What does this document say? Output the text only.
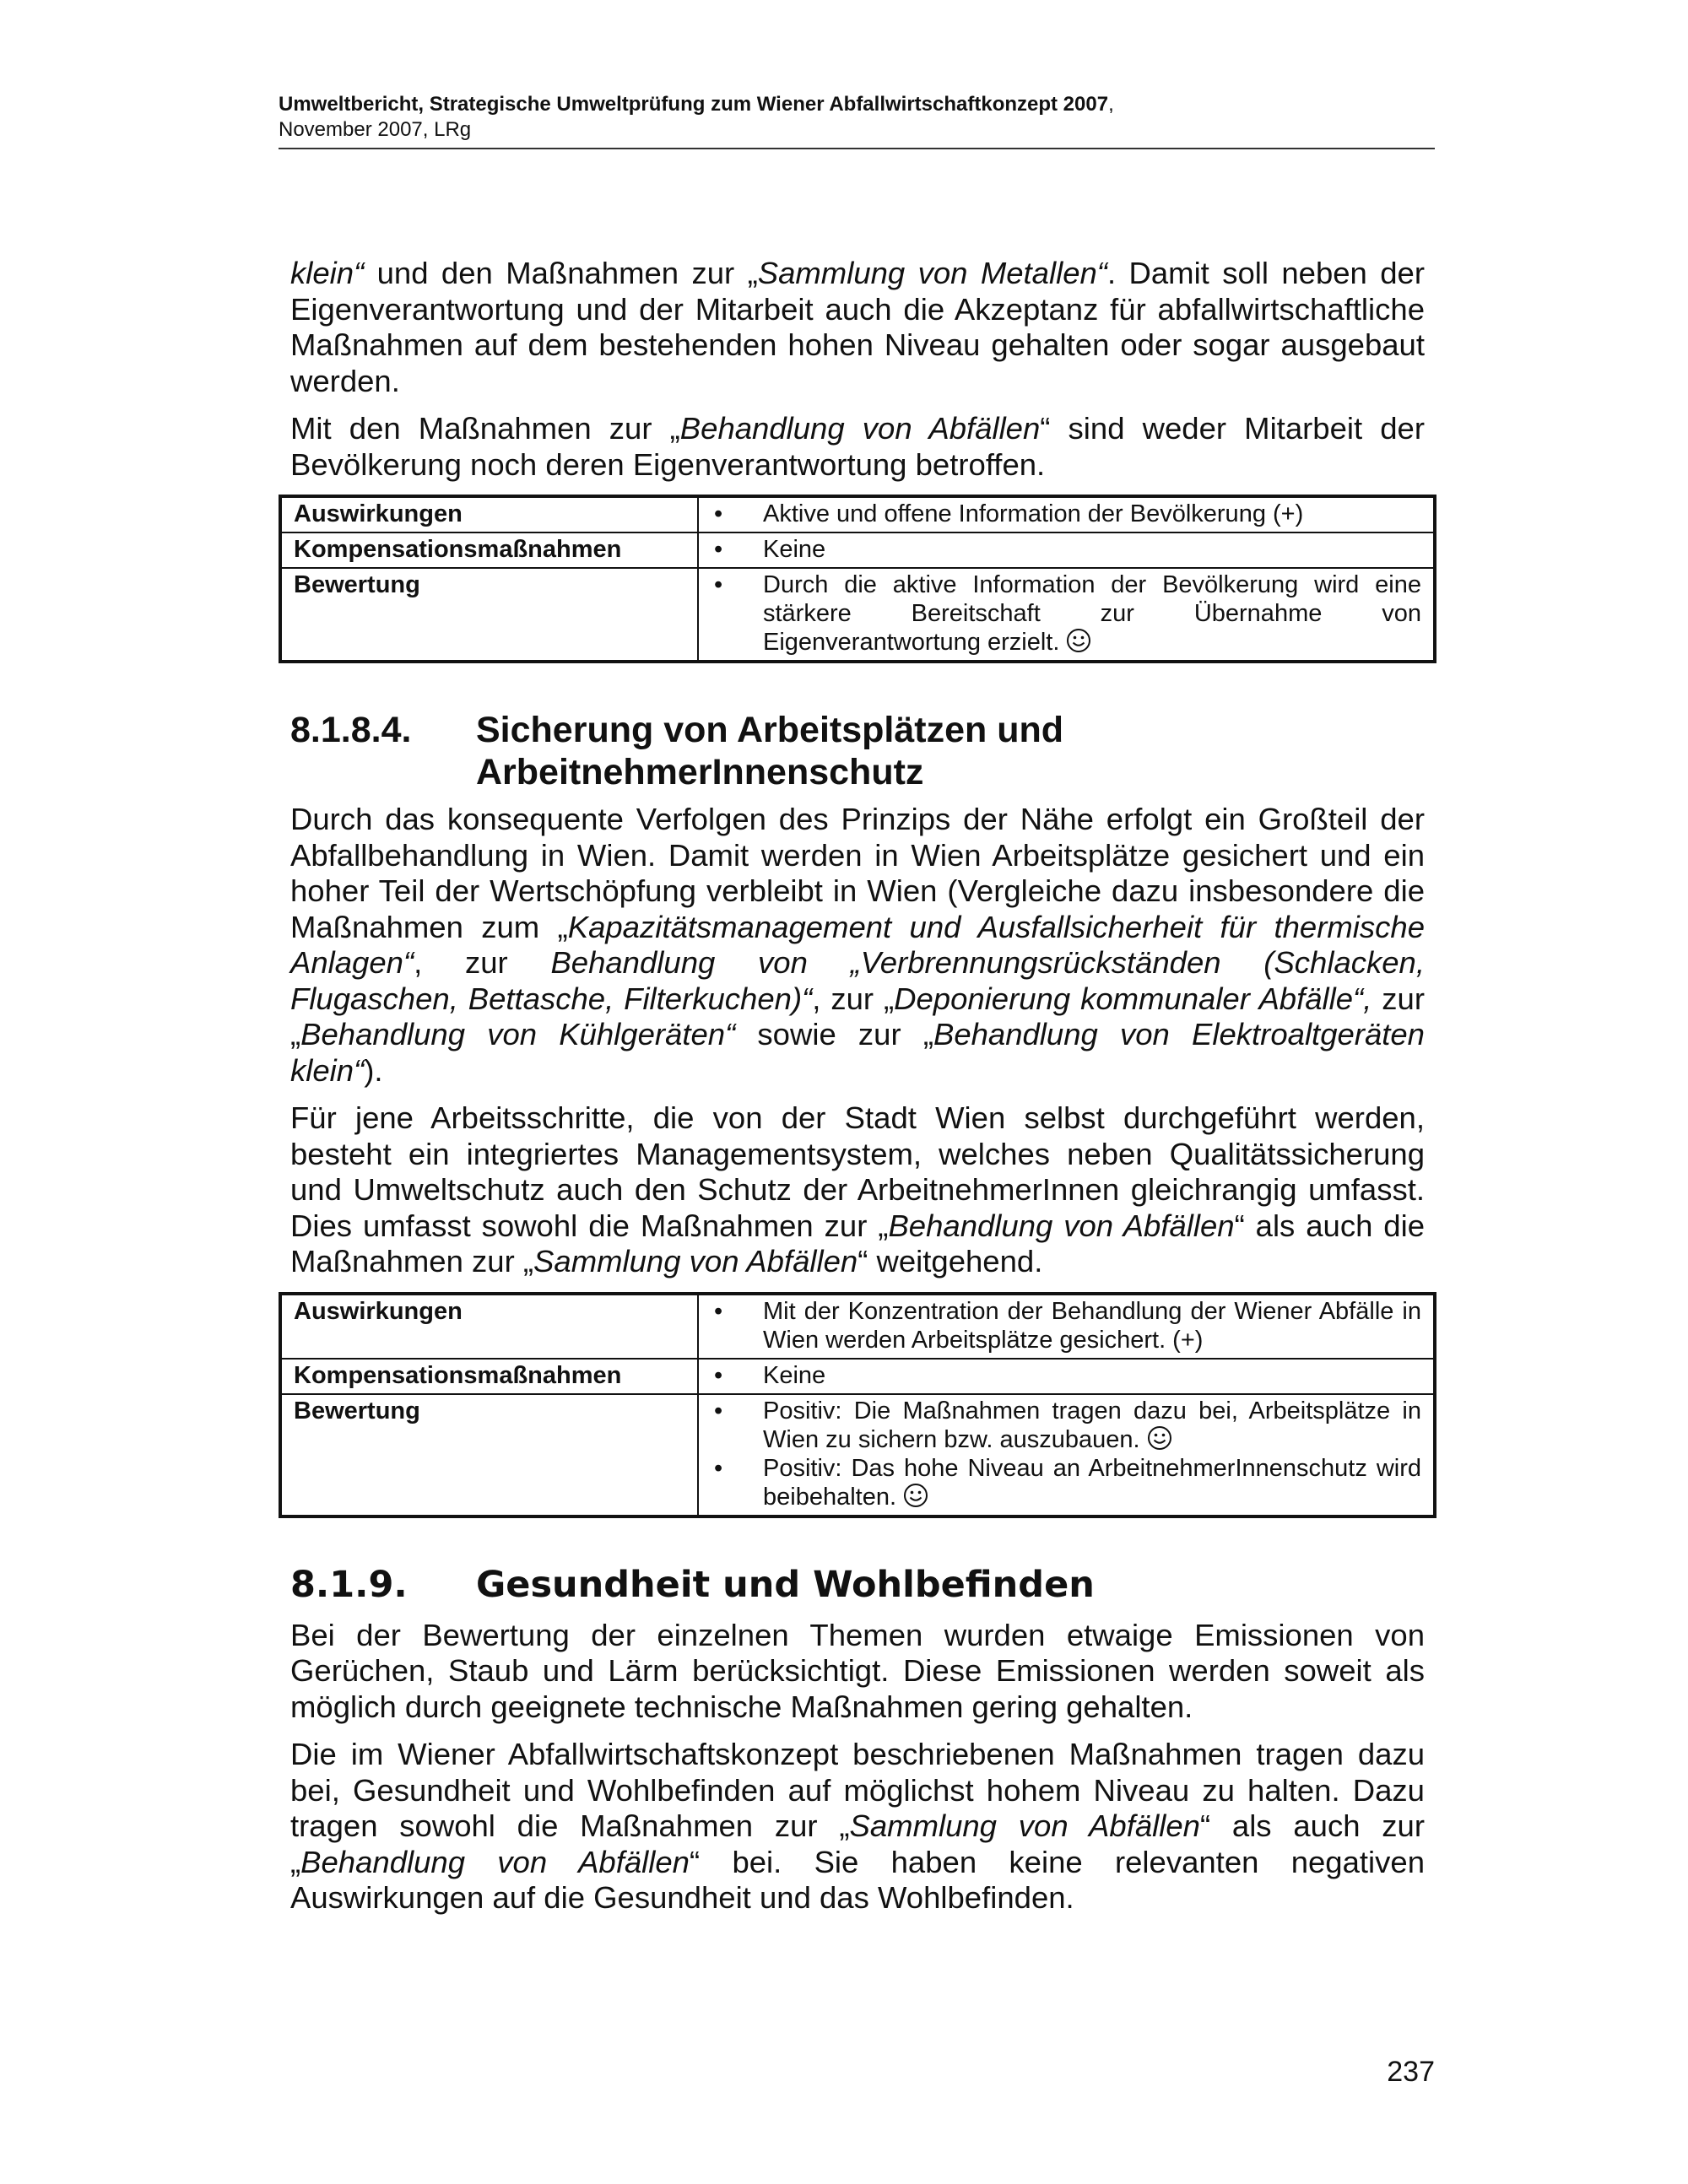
Umweltbericht, Strategische Umweltprüfung zum Wiener Abfallwirtschaftkonzept 2007,
November 2007, LRg

klein“ und den Maßnahmen zur „Sammlung von Metallen“. Damit soll neben der Eigenverantwortung und der Mitarbeit auch die Akzeptanz für abfallwirtschaftliche Maßnahmen auf dem bestehenden hohen Niveau gehalten oder sogar ausgebaut werden.

Mit den Maßnahmen zur „Behandlung von Abfällen“ sind weder Mitarbeit der Bevölkerung noch deren Eigenverantwortung betroffen.

Auswirkungen	• Aktive und offene Information der Bevölkerung (+)

Kompensationsmaßnahmen	• Keine

Bewertung	• Durch die aktive Information der Bevölkerung wird eine stärkere Bereitschaft zur Übernahme von Eigenverantwortung erzielt.
8.1.8.4.	Sicherung von Arbeitsplätzen und ArbeitnehmerInnenschutz

Durch das konsequente Verfolgen des Prinzips der Nähe erfolgt ein Großteil der Abfallbehandlung in Wien. Damit werden in Wien Arbeitsplätze gesichert und ein hoher Teil der Wertschöpfung verbleibt in Wien (Vergleiche dazu insbesondere die Maßnahmen zum „Kapazitätsmanagement und Ausfallsicherheit für thermische Anlagen“, zur Behandlung von „Verbrennungsrückständen (Schlacken, Flugaschen, Bettasche, Filterkuchen)“, zur „Deponierung kommunaler Abfälle“, zur „Behandlung von Kühlgeräten“ sowie zur „Behandlung von Elektroaltgeräten klein“).

Für jene Arbeitsschritte, die von der Stadt Wien selbst durchgeführt werden, besteht ein integriertes Managementsystem, welches neben Qualitätssicherung und Umweltschutz auch den Schutz der ArbeitnehmerInnen gleichrangig umfasst. Dies umfasst sowohl die Maßnahmen zur „Behandlung von Abfällen“ als auch die Maßnahmen zur „Sammlung von Abfällen“ weitgehend.

Auswirkungen	• Mit der Konzentration der Behandlung der Wiener Abfälle in Wien werden Arbeitsplätze gesichert. (+)

Kompensationsmaßnahmen	• Keine

Bewertung	• Positiv: Die Maßnahmen tragen dazu bei, Arbeitsplätze in Wien zu sichern bzw. auszubauen.
• Positiv: Das hohe Niveau an ArbeitnehmerInnenschutz wird beibehalten.
8.1.9.	Gesundheit und Wohlbefinden

Bei der Bewertung der einzelnen Themen wurden etwaige Emissionen von Gerüchen, Staub und Lärm berücksichtigt. Diese Emissionen werden soweit als möglich durch geeignete technische Maßnahmen gering gehalten.

Die im Wiener Abfallwirtschaftskonzept beschriebenen Maßnahmen tragen dazu bei, Gesundheit und Wohlbefinden auf möglichst hohem Niveau zu halten. Dazu tragen sowohl die Maßnahmen zur „Sammlung von Abfällen“ als auch zur „Behandlung von Abfällen“ bei. Sie haben keine relevanten negativen Auswirkungen auf die Gesundheit und das Wohlbefinden.

237
